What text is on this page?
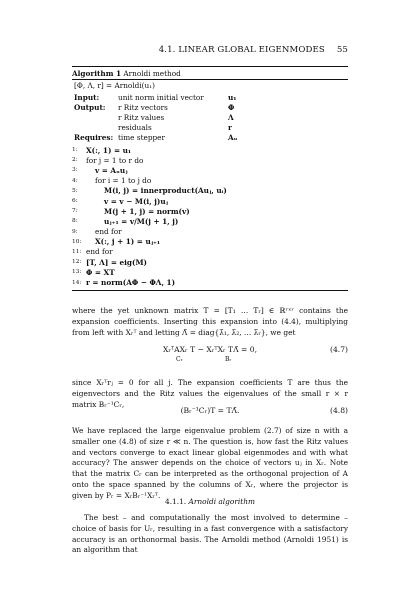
4.1. LINEAR GLOBAL EIGENMODES 55
Algorithm 1 Arnoldi method
[Φ, Λ, r] = Arnoldi(u₁)
Input:	unit norm initial vector	u₁
Output:	r Ritz vectors	Φ
r Ritz values	Λ
residuals	r
Requires: time stepper	Aᵤ
1:	X(:, 1) = u₁
2:	for j = 1 to r do
3:	v = Aᵤuⱼ
4:	for i = 1 to j do
5:	M(i, j) = innerproduct(Auⱼ, uᵢ)
6:	v = v − M(i, j)uⱼ
7:	M(j + 1, j) = norm(v)
8:	uⱼ₊₁ = v/M(j + 1, j)
9:	end for
10:	X(:, j + 1) = uⱼ₊₁
11: end for
12: [T, Λ] = eig(M)
13: Φ = XT
14: r = norm(AΦ − ΦΛ, 1)

where the yet unknown matrix T = [T₁ … Tᵣ] ∈ ℝʳˣʳ contains the expansion coefficients. Inserting this expansion into (4.4), multiplying from left with Xᵣᵀ and letting Λ̃ = diag{λ̃₁, λ̃₂, … λ̃ᵣ}, we get

XᵣᵀAXᵣ T − XᵣᵀXᵣ TΛ̃ = 0,
Cᵣ	Bᵣ
(4.7)

since Xᵣᵀrⱼ = 0 for all j. The expansion coefficients T are thus the eigenvectors and the Ritz values the eigenvalues of the small r × r matrix Bᵣ⁻¹Cᵣ,

(Bᵣ⁻¹Cᵣ)T = TΛ̃.	(4.8)

We have replaced the large eigenvalue problem (2.7) of size n with a smaller one (4.8) of size r ≪ n. The question is, how fast the Ritz values and vectors converge to exact linear global eigenmodes and with what accuracy? The answer depends on the choice of vectors uⱼ in Xᵣ. Note that the matrix Cᵣ can be interpreted as the orthogonal projection of A onto the space spanned by the columns of Xᵣ, where the projector is given by Pᵣ = XᵣBᵣ⁻¹Xᵣᵀ.

4.1.1. Arnoldi algorithm

The best – and computationally the most involved to determine – choice of basis for Uᵣ, resulting in a fast convergence with a satisfactory accuracy is an orthonormal basis. The Arnoldi method (Arnoldi 1951) is an algorithm that
